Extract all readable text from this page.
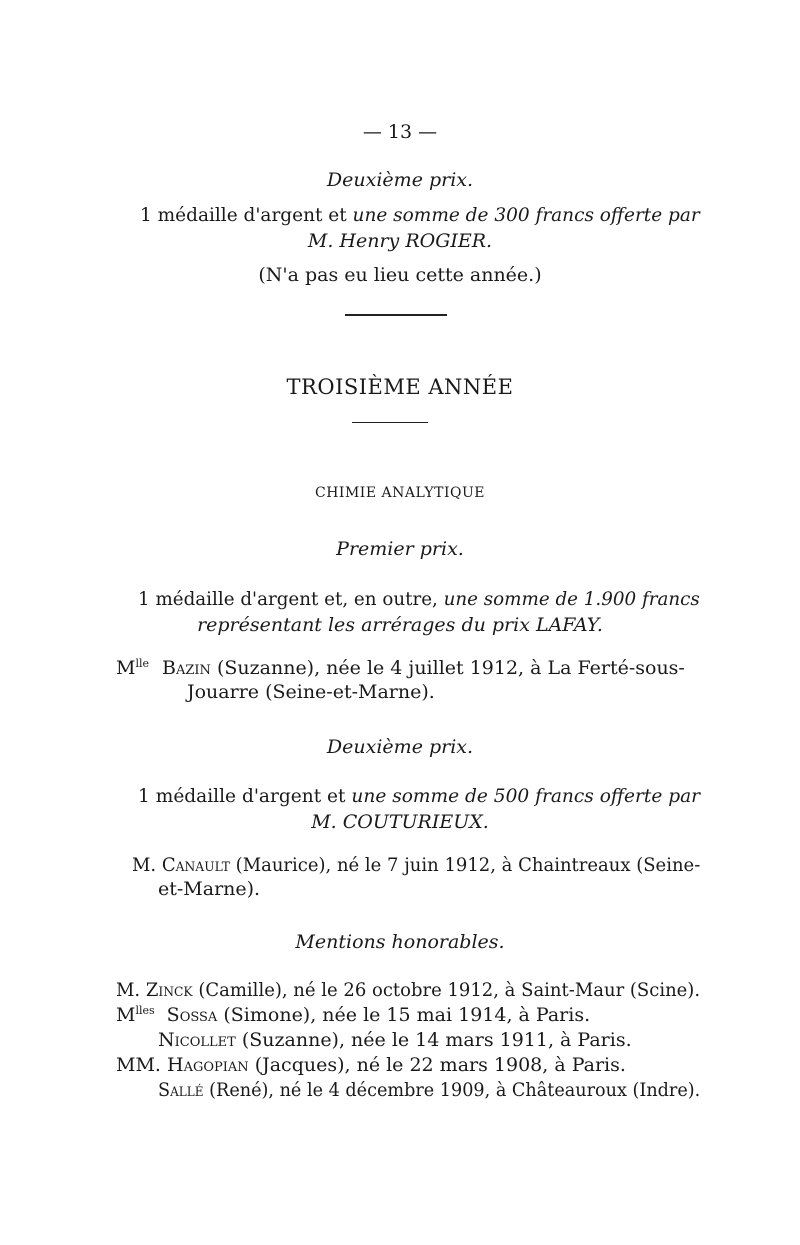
— 13 —
Deuxième prix.
1 médaille d'argent et une somme de 300 francs offerte par
M. Henry ROGIER.
(N'a pas eu lieu cette année.)
TROISIÈME ANNÉE
CHIMIE ANALYTIQUE
Premier prix.
1 médaille d'argent et, en outre, une somme de 1.900 francs
représentant les arrérages du prix LAFAY.
$M^{lle}$ Bazin (Suzanne), née le 4 juillet 1912, à La Ferté-sous-
Jouarre (Seine-et-Marne).
Deuxième prix.
1 médaille d'argent et une somme de 500 francs offerte par
M. COUTURIEUX.
M. Canault (Maurice), né le 7 juin 1912, à Chaintreaux (Seine-
et-Marne).
Mentions honorables.
M. Zinck (Camille), né le 26 octobre 1912, à Saint-Maur (Scine).
$M^{lles}$ Sossa (Simone), née le 15 mai 1914, à Paris.
Nicollet (Suzanne), née le 14 mars 1911, à Paris.
MM. Hagopian (Jacques), né le 22 mars 1908, à Paris.
Sallé (René), né le 4 décembre 1909, à Châteauroux (Indre).
